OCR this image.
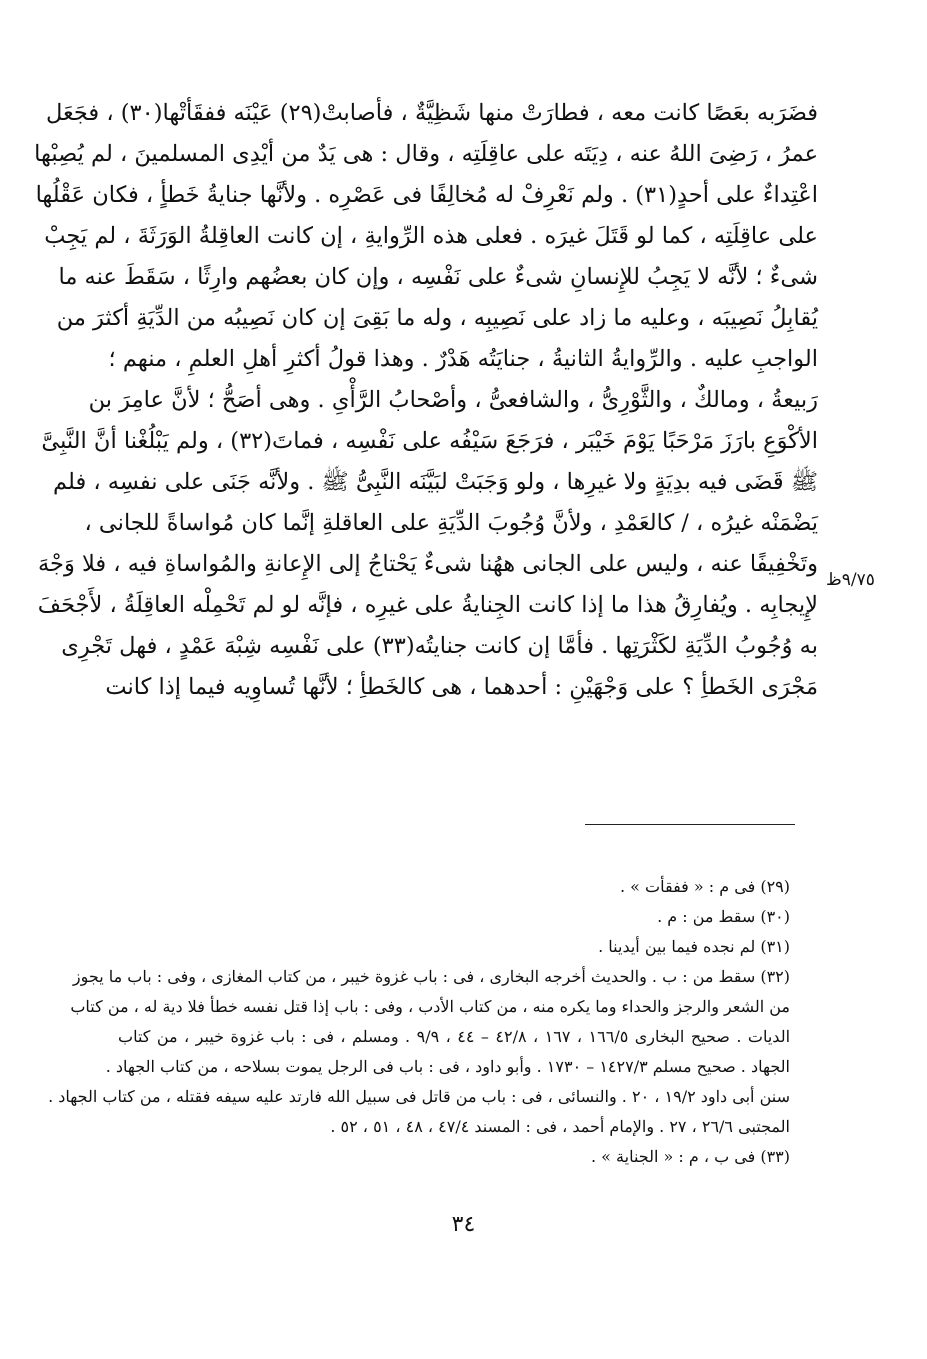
فضَرَبه بعَصًا كانت معه ، فطارَتْ منها شَظِيَّةٌ ، فأصابتْ(٢٩) عَيْنَه ففقَأتْها(٣٠) ، فجَعَل
عمرُ ، رَضِىَ اللهُ عنه ، دِيَتَه على عاقِلَتِه ، وقال : هى يَدٌ من أيْدِى المسلمينَ ، لم يُصِبْها
اعْتِداءٌ على أحدٍ(٣١) . ولم نَعْرِفْ له مُخالِفًا فى عَصْرِه . ولأنَّها جنايةُ خَطأٍ ، فكان عَقْلُها
على عاقِلَتِه ، كما لو قَتَلَ غيرَه . فعلى هذه الرِّوايةِ ، إن كانت العاقِلةُ الوَرَثَةَ ، لم يَجِبْ
شىءٌ ؛ لأنَّه لا يَجِبُ للإِنسانِ شىءٌ على نَفْسِه ، وإن كان بعضُهم وارِثًا ، سَقَطَ عنه ما
يُقابِلُ نَصِيبَه ، وعليه ما زاد على نَصِيبِه ، وله ما بَقِىَ إن كان نَصِيبُه من الدِّيَةِ أكثرَ من
الواجبِ عليه . والرِّوايةُ الثانيةُ ، جنايَتُه هَدْرٌ . وهذا قولُ أكثرِ أهلِ العلمِ ، منهم ؛
رَبيعةُ ، ومالكٌ ، والثَّوْرِىُّ ، والشافعىُّ ، وأصْحابُ الرَّأْىِ . وهى أصَحُّ ؛ لأنَّ عامِرَ بن
الأكْوَعِ بارَزَ مَرْحَبًا يَوْمَ خَيْبَر ، فرَجَعَ سَيْفُه على نَفْسِه ، فماتَ(٣٢) ، ولم يَبْلُغْنا أنَّ النَّبِىَّ
ﷺ قَضَى فيه بدِيَةٍ ولا غيرِها ، ولو وَجَبَتْ لبَيَّنَه النَّبِىُّ ﷺ . ولأنَّه جَنَى على نفسِه ، فلم
يَضْمَنْه غيرُه ، / كالعَمْدِ ، ولأنَّ وُجُوبَ الدِّيَةِ على العاقلةِ إنَّما كان مُواساةً للجانى ،
وتَخْفِيفًا عنه ، وليس على الجانى ههُنا شىءٌ يَحْتاجُ إلى الإِعانةِ والمُواساةِ فيه ، فلا وَجْهَ
لإِيجابِه . ويُفارِقُ هذا ما إذا كانت الجِنايةُ على غيرِه ، فإنَّه لو لم تَحْمِلْه العاقِلَةُ ، لأَجْحَفَ
به وُجُوبُ الدِّيَةِ لكَثْرَتِها . فأمَّا إن كانت جنايتُه(٣٣) على نَفْسِه شِبْهَ عَمْدٍ ، فهل تَجْرِى
مَجْرَى الخَطأِ ؟ على وَجْهَيْنِ : أحدهما ، هى كالخَطأِ ؛ لأنَّها تُساوِيه فيما إذا كانت
٩/٧٥ظ
(٢٩) فى م : « ففقأت » .
(٣٠) سقط من : م .
(٣١) لم نجده فيما بين أيدينا .
(٣٢) سقط من : ب . والحديث أخرجه البخارى ، فى : باب غزوة خيبر ، من كتاب المغازى ، وفى : باب ما يجوز
من الشعر والرجز والحداء وما يكره منه ، من كتاب الأدب ، وفى : باب إذا قتل نفسه خطأ فلا دية له ، من كتاب
الديات . صحيح البخارى ١٦٦/٥ ، ١٦٧ ، ٤٢/٨ – ٤٤ ، ٩/٩ . ومسلم ، فى : باب غزوة خيبر ، من كتاب
الجهاد . صحيح مسلم ١٤٢٧/٣ – ١٧٣٠ . وأبو داود ، فى : باب فى الرجل يموت بسلاحه ، من كتاب الجهاد .
سنن أبى داود ١٩/٢ ، ٢٠ . والنسائى ، فى : باب من قاتل فى سبيل الله فارتد عليه سيفه فقتله ، من كتاب الجهاد .
المجتبى ٢٦/٦ ، ٢٧ . والإمام أحمد ، فى : المسند ٤٧/٤ ، ٤٨ ، ٥١ ، ٥٢ .
(٣٣) فى ب ، م : « الجناية » .
٣٤
